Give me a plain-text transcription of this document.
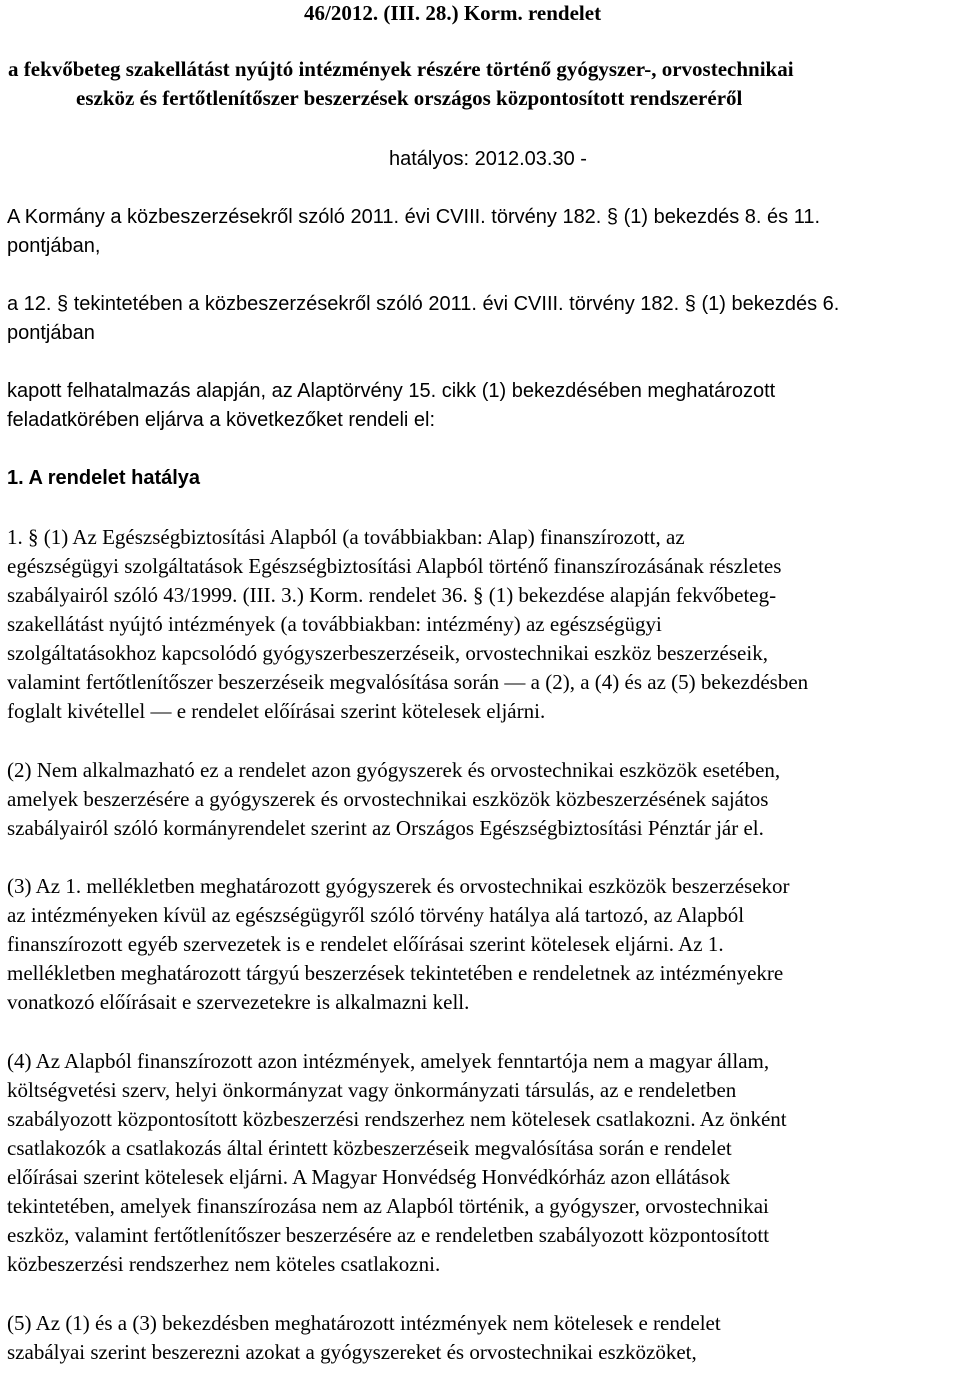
46/2012. (III. 28.) Korm. rendelet
a fekvőbeteg szakellátást nyújtó intézmények részére történő gyógyszer-, orvostechnikai
eszköz és fertőtlenítőszer beszerzések országos központosított rendszeréről
hatályos: 2012.03.30 -
A Kormány a közbeszerzésekről szóló 2011. évi CVIII. törvény 182. § (1) bekezdés 8. és 11.
pontjában,
a 12. § tekintetében a közbeszerzésekről szóló 2011. évi CVIII. törvény 182. § (1) bekezdés 6.
pontjában
kapott felhatalmazás alapján, az Alaptörvény 15. cikk (1) bekezdésében meghatározott
feladatkörében eljárva a következőket rendeli el:
1. A rendelet hatálya
1. § (1) Az Egészségbiztosítási Alapból (a továbbiakban: Alap) finanszírozott, az
egészségügyi szolgáltatások Egészségbiztosítási Alapból történő finanszírozásának részletes
szabályairól szóló 43/1999. (III. 3.) Korm. rendelet 36. § (1) bekezdése alapján fekvőbeteg-
szakellátást nyújtó intézmények (a továbbiakban: intézmény) az egészségügyi
szolgáltatásokhoz kapcsolódó gyógyszerbeszerzéseik, orvostechnikai eszköz beszerzéseik,
valamint fertőtlenítőszer beszerzéseik megvalósítása során — a (2), a (4) és az (5) bekezdésben
foglalt kivétellel — e rendelet előírásai szerint kötelesek eljárni.
(2) Nem alkalmazható ez a rendelet azon gyógyszerek és orvostechnikai eszközök esetében,
amelyek beszerzésére a gyógyszerek és orvostechnikai eszközök közbeszerzésének sajátos
szabályairól szóló kormányrendelet szerint az Országos Egészségbiztosítási Pénztár jár el.
(3) Az 1. mellékletben meghatározott gyógyszerek és orvostechnikai eszközök beszerzésekor
az intézményeken kívül az egészségügyről szóló törvény hatálya alá tartozó, az Alapból
finanszírozott egyéb szervezetek is e rendelet előírásai szerint kötelesek eljárni. Az 1.
mellékletben meghatározott tárgyú beszerzések tekintetében e rendeletnek az intézményekre
vonatkozó előírásait e szervezetekre is alkalmazni kell.
(4) Az Alapból finanszírozott azon intézmények, amelyek fenntartója nem a magyar állam,
költségvetési szerv, helyi önkormányzat vagy önkormányzati társulás, az e rendeletben
szabályozott központosított közbeszerzési rendszerhez nem kötelesek csatlakozni. Az önként
csatlakozók a csatlakozás által érintett közbeszerzéseik megvalósítása során e rendelet
előírásai szerint kötelesek eljárni. A Magyar Honvédség Honvédkórház azon ellátások
tekintetében, amelyek finanszírozása nem az Alapból történik, a gyógyszer, orvostechnikai
eszköz, valamint fertőtlenítőszer beszerzésére az e rendeletben szabályozott központosított
közbeszerzési rendszerhez nem köteles csatlakozni.
(5) Az (1) és a (3) bekezdésben meghatározott intézmények nem kötelesek e rendelet
szabályai szerint beszerezni azokat a gyógyszereket és orvostechnikai eszközöket,
